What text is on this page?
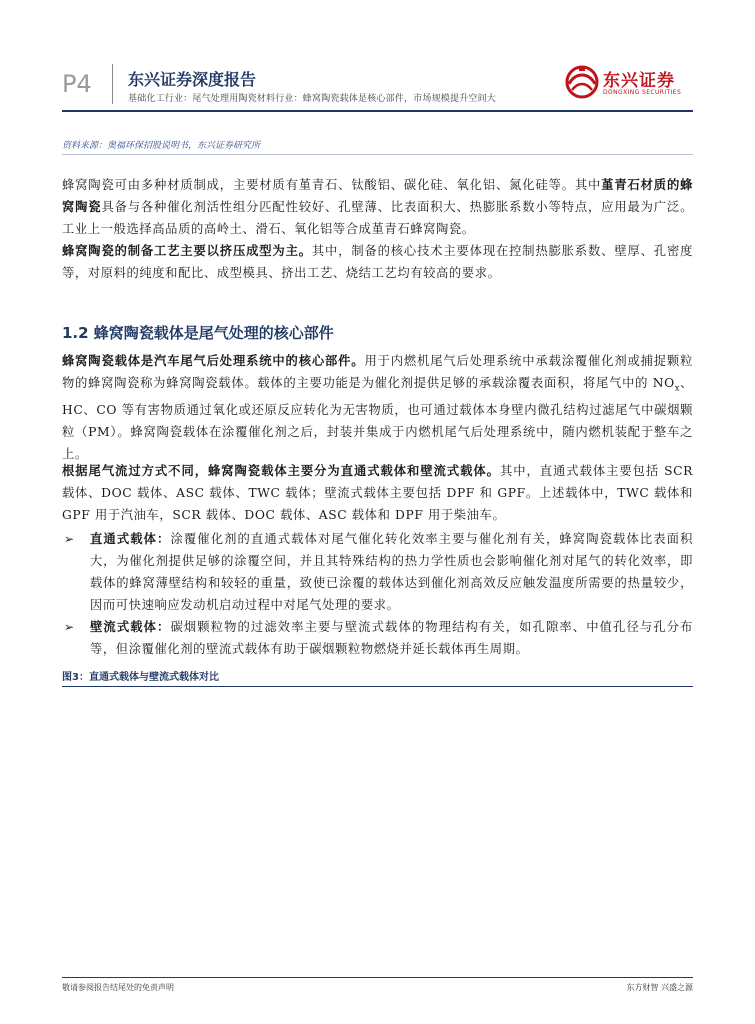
P4 东兴证券深度报告
基础化工行业：尾气处理用陶瓷材料行业：蜂窝陶瓷载体是核心部件，市场规模提升空间大
东兴证券
DONGXING SECURITIES
资料来源：奥福环保招股说明书，东兴证券研究所
蜂窝陶瓷可由多种材质制成，主要材质有堇青石、钛酸铝、碳化硅、氧化铝、氮化硅等。其中堇青石材质的蜂窝陶瓷具备与各种催化剂活性组分匹配性较好、孔壁薄、比表面积大、热膨胀系数小等特点，应用最为广泛。工业上一般选择高品质的高岭土、滑石、氧化铝等合成堇青石蜂窝陶瓷。
蜂窝陶瓷的制备工艺主要以挤压成型为主。其中，制备的核心技术主要体现在控制热膨胀系数、壁厚、孔密度等，对原料的纯度和配比、成型模具、挤出工艺、烧结工艺均有较高的要求。
1.2 蜂窝陶瓷载体是尾气处理的核心部件
蜂窝陶瓷载体是汽车尾气后处理系统中的核心部件。用于内燃机尾气后处理系统中承载涂覆催化剂或捕捉颗粒物的蜂窝陶瓷称为蜂窝陶瓷载体。载体的主要功能是为催化剂提供足够的承载涂覆表面积，将尾气中的 $NO_x$、HC、CO 等有害物质通过氧化或还原反应转化为无害物质，也可通过载体本身壁内微孔结构过滤尾气中碳烟颗粒（PM）。蜂窝陶瓷载体在涂覆催化剂之后，封装并集成于内燃机尾气后处理系统中，随内燃机装配于整车之上。
根据尾气流过方式不同，蜂窝陶瓷载体主要分为直通式载体和壁流式载体。其中，直通式载体主要包括 SCR 载体、DOC 载体、ASC 载体、TWC 载体；壁流式载体主要包括 DPF 和 GPF。上述载体中，TWC 载体和 GPF 用于汽油车，SCR 载体、DOC 载体、ASC 载体和 DPF 用于柴油车。
➢ 直通式载体：涂覆催化剂的直通式载体对尾气催化转化效率主要与催化剂有关，蜂窝陶瓷载体比表面积大，为催化剂提供足够的涂覆空间，并且其特殊结构的热力学性质也会影响催化剂对尾气的转化效率，即载体的蜂窝薄壁结构和较轻的重量，致使已涂覆的载体达到催化剂高效反应触发温度所需要的热量较少，因而可快速响应发动机启动过程中对尾气处理的要求。
➢ 壁流式载体：碳烟颗粒物的过滤效率主要与壁流式载体的物理结构有关，如孔隙率、中值孔径与孔分布等，但涂覆催化剂的壁流式载体有助于碳烟颗粒物燃烧并延长载体再生周期。
图3：直通式载体与壁流式载体对比
敬请参阅报告结尾处的免责声明	东方财智 兴盛之源
